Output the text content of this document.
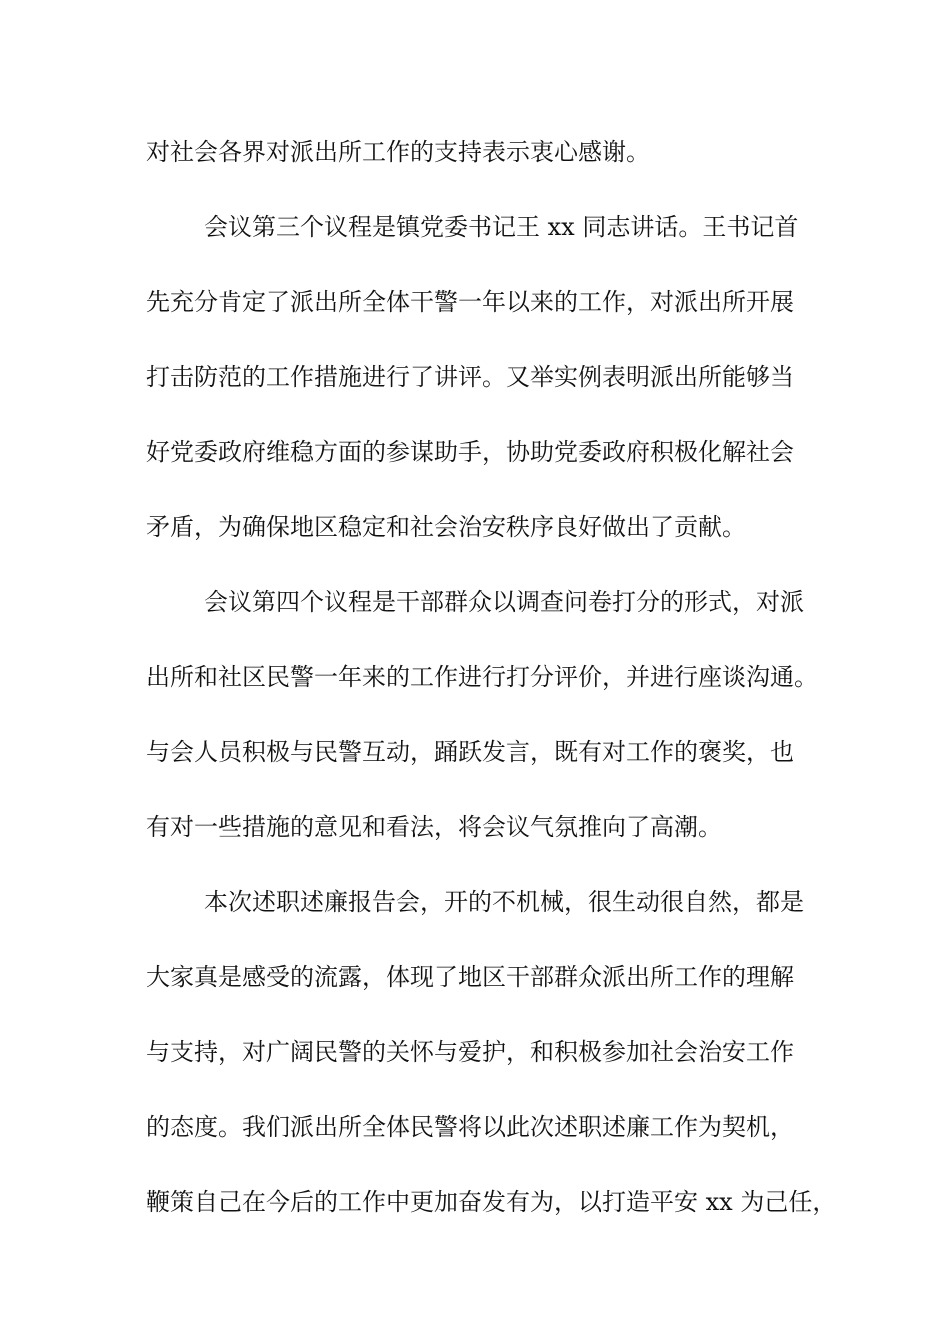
对社会各界对派出所工作的支持表示衷心感谢。
会议第三个议程是镇党委书记王 xx 同志讲话。王书记首
先充分肯定了派出所全体干警一年以来的工作，对派出所开展
打击防范的工作措施进行了讲评。又举实例表明派出所能够当
好党委政府维稳方面的参谋助手，协助党委政府积极化解社会
矛盾，为确保地区稳定和社会治安秩序良好做出了贡献。
会议第四个议程是干部群众以调查问卷打分的形式，对派
出所和社区民警一年来的工作进行打分评价，并进行座谈沟通。
与会人员积极与民警互动，踊跃发言，既有对工作的褒奖，也
有对一些措施的意见和看法，将会议气氛推向了高潮。
本次述职述廉报告会，开的不机械，很生动很自然，都是
大家真是感受的流露，体现了地区干部群众派出所工作的理解
与支持，对广阔民警的关怀与爱护，和积极参加社会治安工作
的态度。我们派出所全体民警将以此次述职述廉工作为契机，
鞭策自己在今后的工作中更加奋发有为，以打造平安 xx 为己任，
